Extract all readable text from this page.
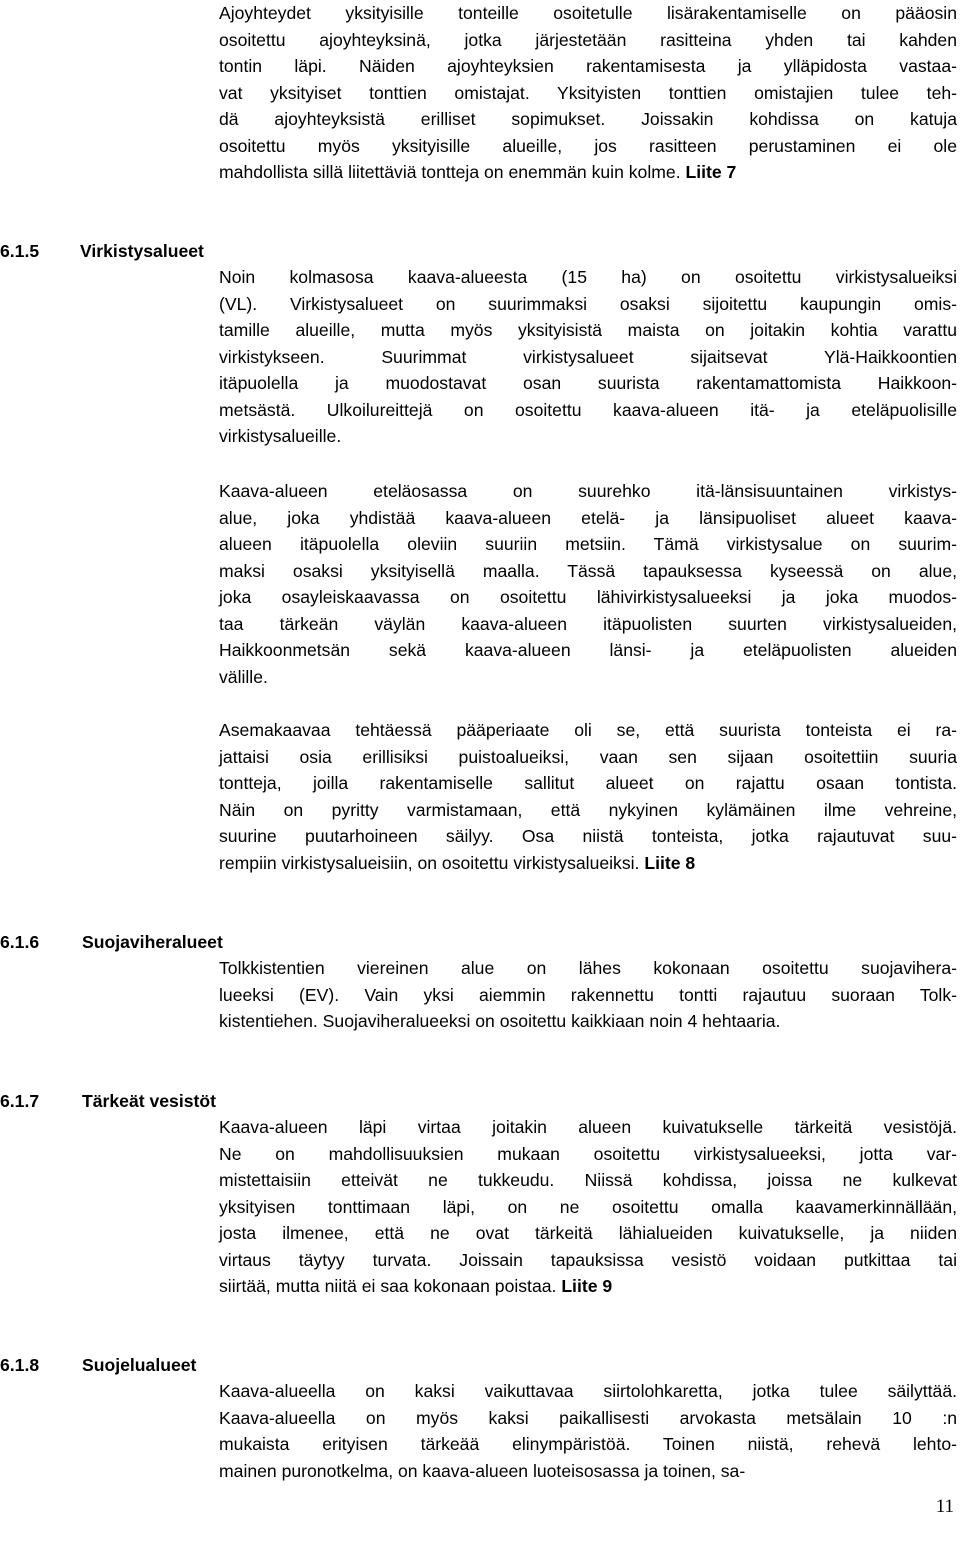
Ajoyhteydet yksityisille tonteille osoitetulle lisärakentamiselle on pääosin
osoitettu ajoyhteyksinä, jotka järjestetään rasitteina yhden tai kahden
tontin läpi. Näiden ajoyhteyksien rakentamisesta ja ylläpidosta vastaa-
vat yksityiset tonttien omistajat. Yksityisten tonttien omistajien tulee teh-
dä ajoyhteyksistä erilliset sopimukset. Joissakin kohdissa on katuja
osoitettu myös yksityisille alueille, jos rasitteen perustaminen ei ole
mahdollista sillä liitettäviä tontteja on enemmän kuin kolme. Liite 7
6.1.5 Virkistysalueet
Noin kolmasosa kaava-alueesta (15 ha) on osoitettu virkistysalueiksi
(VL). Virkistysalueet on suurimmaksi osaksi sijoitettu kaupungin omis-
tamille alueille, mutta myös yksityisistä maista on joitakin kohtia varattu
virkistykseen. Suurimmat virkistysalueet sijaitsevat Ylä-Haikkoontien
itäpuolella ja muodostavat osan suurista rakentamattomista Haikkoon-
metsästä. Ulkoilureittejä on osoitettu kaava-alueen itä- ja eteläpuolisille
virkistysalueille.
Kaava-alueen eteläosassa on suurehko itä-länsisuuntainen virkistys-
alue, joka yhdistää kaava-alueen etelä- ja länsipuoliset alueet kaava-
alueen itäpuolella oleviin suuriin metsiin. Tämä virkistysalue on suurim-
maksi osaksi yksityisellä maalla. Tässä tapauksessa kyseessä on alue,
joka osayleiskaavassa on osoitettu lähivirkistysalueeksi ja joka muodos-
taa tärkeän väylän kaava-alueen itäpuolisten suurten virkistysalueiden,
Haikkoonmetsän sekä kaava-alueen länsi- ja eteläpuolisten alueiden
välille.
Asemakaavaa tehtäessä pääperiaate oli se, että suurista tonteista ei ra-
jattaisi osia erillisiksi puistoalueiksi, vaan sen sijaan osoitettiin suuria
tontteja, joilla rakentamiselle sallitut alueet on rajattu osaan tontista.
Näin on pyritty varmistamaan, että nykyinen kylämäinen ilme vehreine,
suurine puutarhoineen säilyy. Osa niistä tonteista, jotka rajautuvat suu-
rempiin virkistysalueisiin, on osoitettu virkistysalueiksi. Liite 8
6.1.6 Suojaviheralueet
Tolkkistentien viereinen alue on lähes kokonaan osoitettu suojavihera-
lueeksi (EV). Vain yksi aiemmin rakennettu tontti rajautuu suoraan Tolk-
kistentiehen. Suojaviheralueeksi on osoitettu kaikkiaan noin 4 hehtaaria.
6.1.7 Tärkeät vesistöt
Kaava-alueen läpi virtaa joitakin alueen kuivatukselle tärkeitä vesistöjä.
Ne on mahdollisuuksien mukaan osoitettu virkistysalueeksi, jotta var-
mistettaisiin etteivät ne tukkeudu. Niissä kohdissa, joissa ne kulkevat
yksityisen tonttimaan läpi, on ne osoitettu omalla kaavamerkinnällään,
josta ilmenee, että ne ovat tärkeitä lähialueiden kuivatukselle, ja niiden
virtaus täytyy turvata. Joissain tapauksissa vesistö voidaan putkittaa tai
siirtää, mutta niitä ei saa kokonaan poistaa. Liite 9
6.1.8 Suojelualueet
Kaava-alueella on kaksi vaikuttavaa siirtolohkaretta, jotka tulee säilyttää.
Kaava-alueella on myös kaksi paikallisesti arvokasta metsälain 10 :n
mukaista erityisen tärkeää elinympäristöä. Toinen niistä, rehevä lehto-
mainen puronotkelma, on kaava-alueen luoteisosassa ja toinen, sa-
11
